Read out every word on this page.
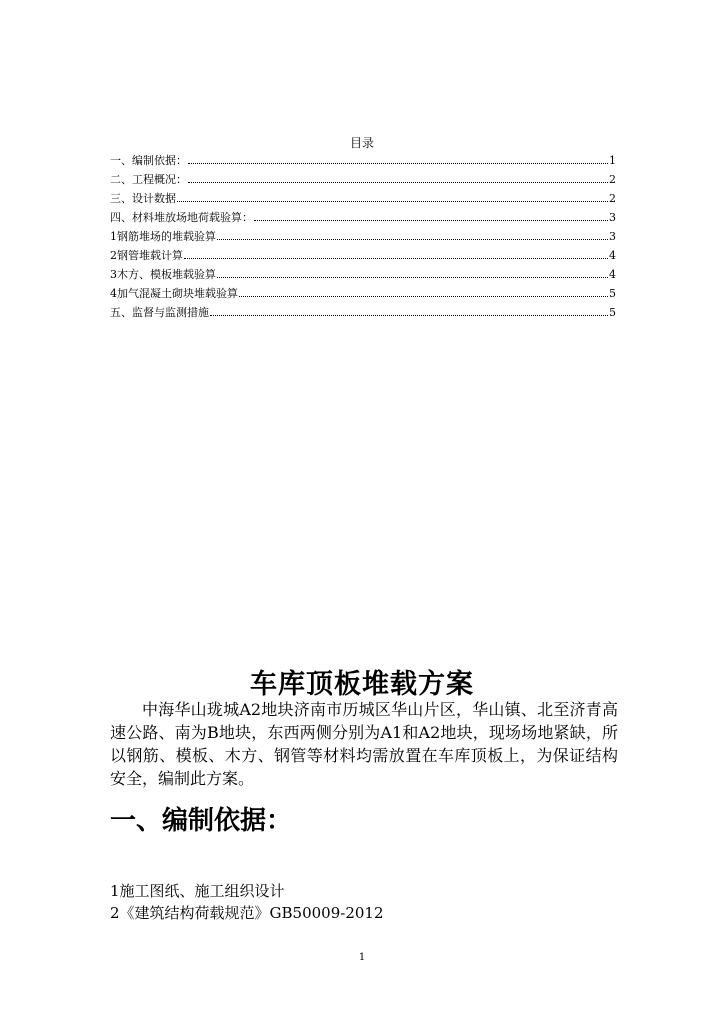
目录
一、编制依据：	1
二、工程概况：	2
三、设计数据	2
四、材料堆放场地荷载验算：	3
1钢筋堆场的堆载验算	3
2钢管堆载计算	4
3木方、模板堆载验算	4
4加气混凝土砌块堆载验算	5
五、监督与监测措施	5
车库顶板堆载方案

中海华山珑城A2地块济南市历城区华山片区，华山镇、北至济青高速公路、南为B地块，东西两侧分别为A1和A2地块，现场场地紧缺，所以钢筋、模板、木方、钢管等材料均需放置在车库顶板上，为保证结构安全，编制此方案。

一、编制依据：
1施工图纸、施工组织设计
2《建筑结构荷载规范》GB50009-2012
1
